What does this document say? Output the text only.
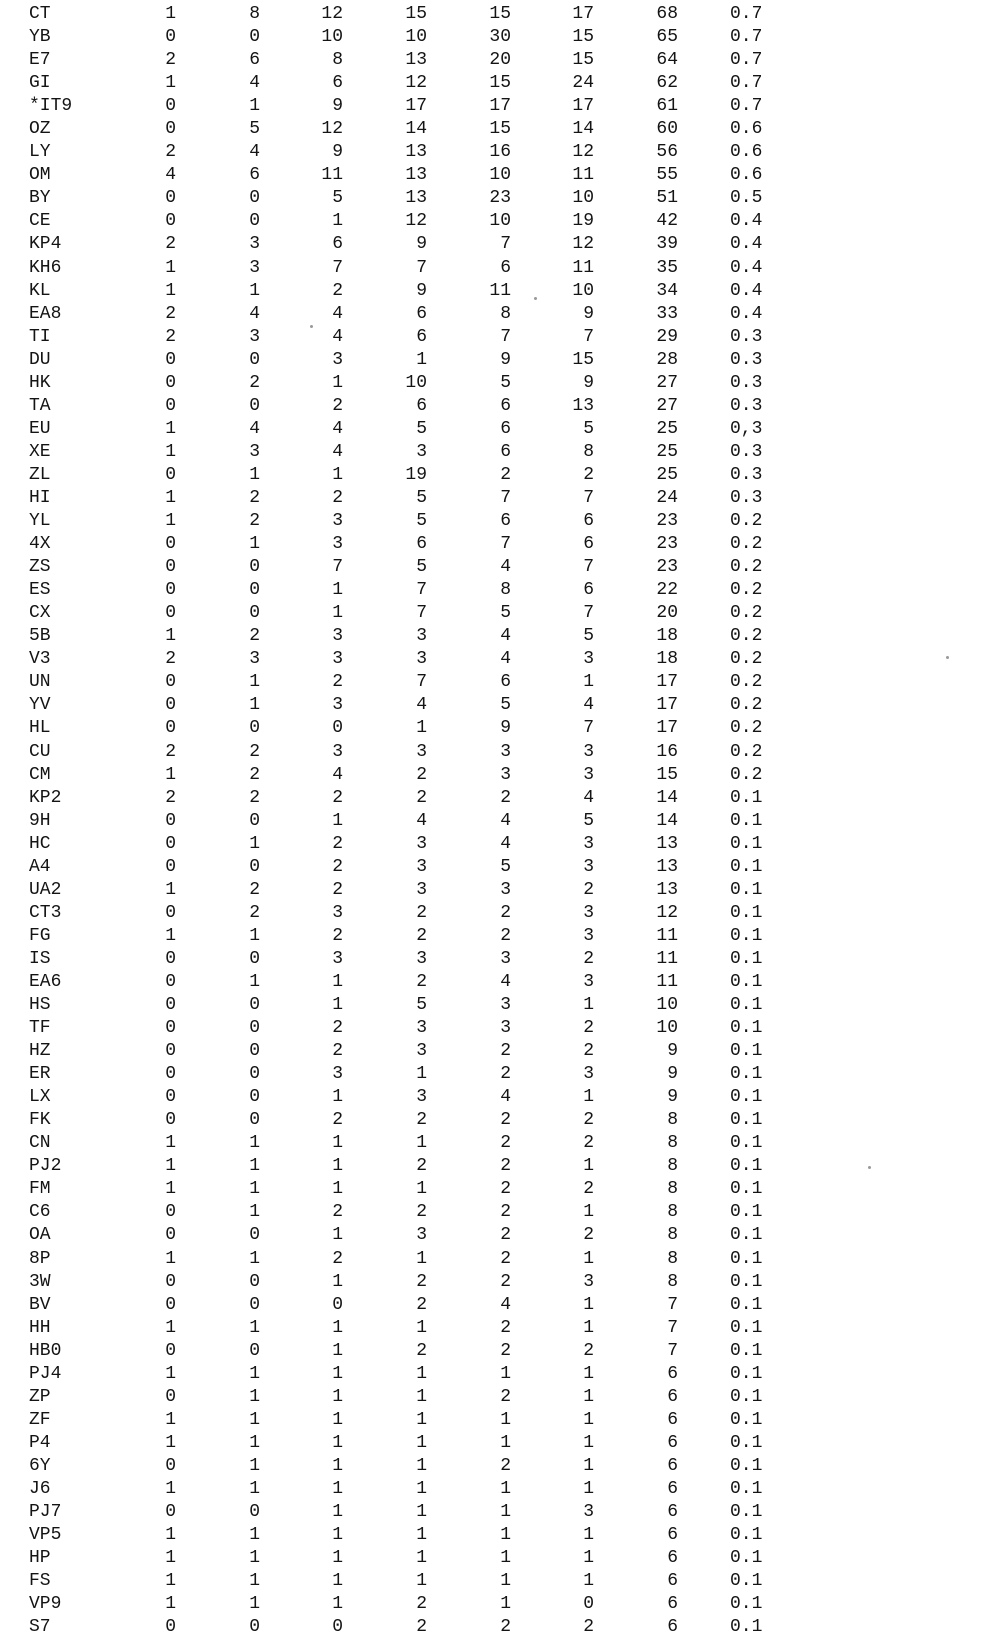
CT	1	8	12	15	15	17	68	0.7
YB	0	0	10	10	30	15	65	0.7
E7	2	6	8	13	20	15	64	0.7
GI	1	4	6	12	15	24	62	0.7
*IT9	0	1	9	17	17	17	61	0.7
OZ	0	5	12	14	15	14	60	0.6
LY	2	4	9	13	16	12	56	0.6
OM	4	6	11	13	10	11	55	0.6
BY	0	0	5	13	23	10	51	0.5
CE	0	0	1	12	10	19	42	0.4
KP4	2	3	6	9	7	12	39	0.4
KH6	1	3	7	7	6	11	35	0.4
KL	1	1	2	9	11	10	34	0.4
EA8	2	4	4	6	8	9	33	0.4
TI	2	3	4	6	7	7	29	0.3
DU	0	0	3	1	9	15	28	0.3
HK	0	2	1	10	5	9	27	0.3
TA	0	0	2	6	6	13	27	0.3
EU	1	4	4	5	6	5	25	0,3
XE	1	3	4	3	6	8	25	0.3
ZL	0	1	1	19	2	2	25	0.3
HI	1	2	2	5	7	7	24	0.3
YL	1	2	3	5	6	6	23	0.2
4X	0	1	3	6	7	6	23	0.2
ZS	0	0	7	5	4	7	23	0.2
ES	0	0	1	7	8	6	22	0.2
CX	0	0	1	7	5	7	20	0.2
5B	1	2	3	3	4	5	18	0.2
V3	2	3	3	3	4	3	18	0.2
UN	0	1	2	7	6	1	17	0.2
YV	0	1	3	4	5	4	17	0.2
HL	0	0	0	1	9	7	17	0.2
CU	2	2	3	3	3	3	16	0.2
CM	1	2	4	2	3	3	15	0.2
KP2	2	2	2	2	2	4	14	0.1
9H	0	0	1	4	4	5	14	0.1
HC	0	1	2	3	4	3	13	0.1
A4	0	0	2	3	5	3	13	0.1
UA2	1	2	2	3	3	2	13	0.1
CT3	0	2	3	2	2	3	12	0.1
FG	1	1	2	2	2	3	11	0.1
IS	0	0	3	3	3	2	11	0.1
EA6	0	1	1	2	4	3	11	0.1
HS	0	0	1	5	3	1	10	0.1
TF	0	0	2	3	3	2	10	0.1
HZ	0	0	2	3	2	2	9	0.1
ER	0	0	3	1	2	3	9	0.1
LX	0	0	1	3	4	1	9	0.1
FK	0	0	2	2	2	2	8	0.1
CN	1	1	1	1	2	2	8	0.1
PJ2	1	1	1	2	2	1	8	0.1
FM	1	1	1	1	2	2	8	0.1
C6	0	1	2	2	2	1	8	0.1
OA	0	0	1	3	2	2	8	0.1
8P	1	1	2	1	2	1	8	0.1
3W	0	0	1	2	2	3	8	0.1
BV	0	0	0	2	4	1	7	0.1
HH	1	1	1	1	2	1	7	0.1
HB0	0	0	1	2	2	2	7	0.1
PJ4	1	1	1	1	1	1	6	0.1
ZP	0	1	1	1	2	1	6	0.1
ZF	1	1	1	1	1	1	6	0.1
P4	1	1	1	1	1	1	6	0.1
6Y	0	1	1	1	2	1	6	0.1
J6	1	1	1	1	1	1	6	0.1
PJ7	0	0	1	1	1	3	6	0.1
VP5	1	1	1	1	1	1	6	0.1
HP	1	1	1	1	1	1	6	0.1
FS	1	1	1	1	1	1	6	0.1
VP9	1	1	1	2	1	0	6	0.1
S7	0	0	0	2	2	2	6	0.1
